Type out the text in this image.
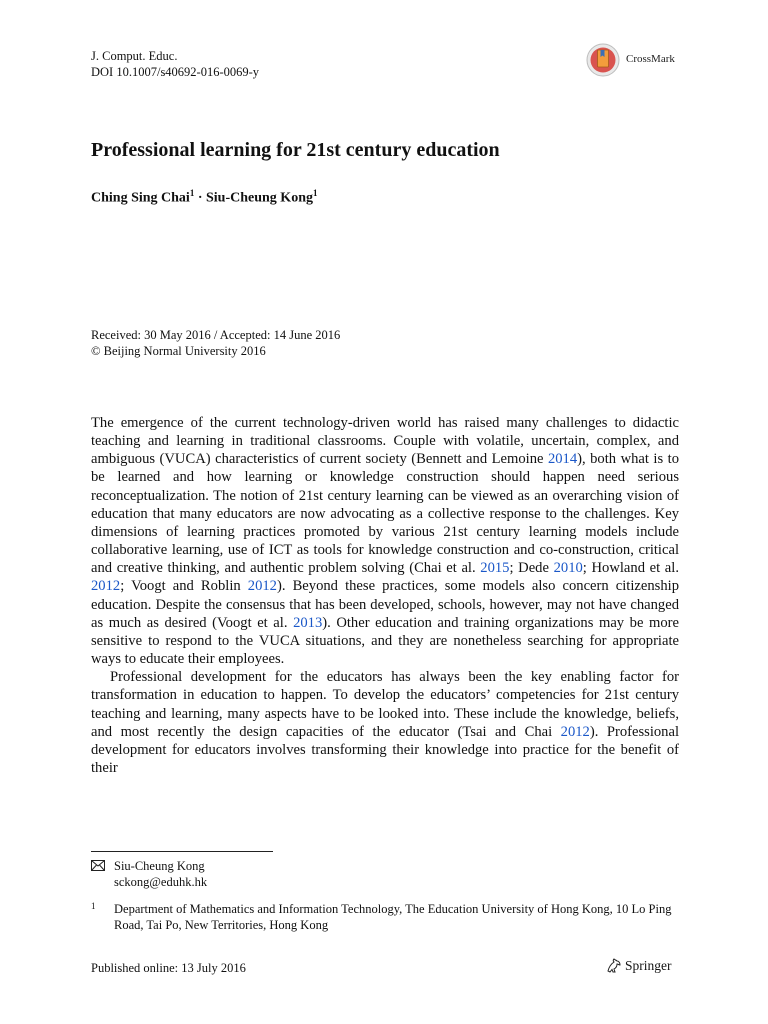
J. Comput. Educ.
DOI 10.1007/s40692-016-0069-y
CrossMark
Professional learning for 21st century education
Ching Sing Chai$^1$ · Siu-Cheung Kong$^1$
Received: 30 May 2016 / Accepted: 14 June 2016
© Beijing Normal University 2016

The emergence of the current technology-driven world has raised many challenges to didactic teaching and learning in traditional classrooms. Couple with volatile, uncertain, complex, and ambiguous (VUCA) characteristics of current society (Bennett and Lemoine 2014), both what is to be learned and how learning or knowledge construction should happen need serious reconceptualization. The notion of 21st century learning can be viewed as an overarching vision of education that many educators are now advocating as a collective response to the challenges. Key dimensions of learning practices promoted by various 21st century learning models include collaborative learning, use of ICT as tools for knowledge construction and co-construction, critical and creative thinking, and authentic problem solving (Chai et al. 2015; Dede 2010; Howland et al. 2012; Voogt and Roblin 2012). Beyond these practices, some models also concern citizenship education. Despite the consensus that has been developed, schools, however, may not have changed as much as desired (Voogt et al. 2013). Other education and training organizations may be more sensitive to respond to the VUCA situations, and they are nonetheless searching for appropriate ways to educate their employees.

Professional development for the educators has always been the key enabling factor for transformation in education to happen. To develop the educators’ competencies for 21st century teaching and learning, many aspects have to be looked into. These include the knowledge, beliefs, and most recently the design capacities of the educator (Tsai and Chai 2012). Professional development for educators involves transforming their knowledge into practice for the benefit of their

Siu-Cheung Kong
sckong@eduhk.hk
1 Department of Mathematics and Information Technology, The Education University of Hong Kong, 10 Lo Ping Road, Tai Po, New Territories, Hong Kong
Published online: 13 July 2016	Springer
